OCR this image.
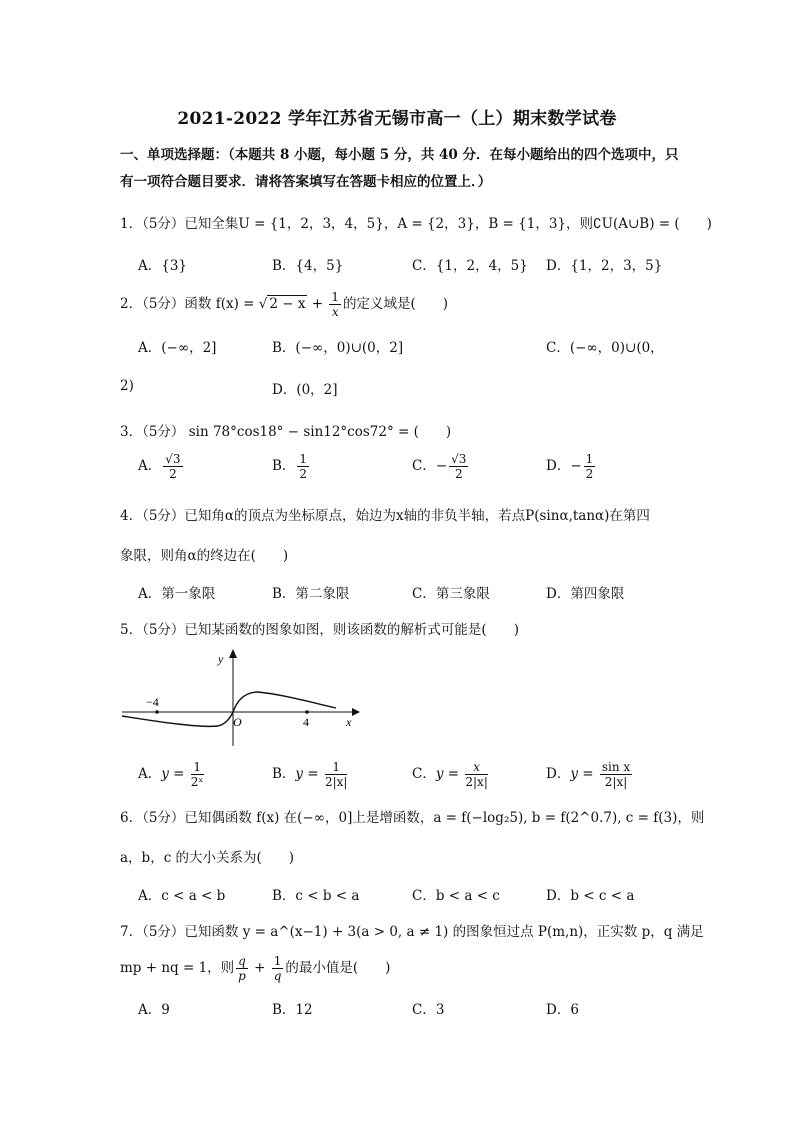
2021-2022 学年江苏省无锡市高一（上）期末数学试卷
一、单项选择题：（本题共 8 小题，每小题 5 分，共 40 分．在每小题给出的四个选项中，只有一项符合题目要求．请将答案填写在答题卡相应的位置上．）
1．（5分）已知全集U = {1，2，3，4，5}，A = {2，3}，B = {1，3}，则∁U(A∪B) = (　　)
A．{3}	B．{4，5}	C．{1，2，4，5} D．{1，2，3，5}
2．（5分）函数 f(x) = √ $2 - x + \frac{1}{x}$ 的定义域是(　　)
A．(−∞，2]	B．(−∞，0)∪(0，2]	C．(−∞，0)∪(0，
2)	D．(0，2]
3．（5分） sin 78°cos18° − sin12°cos72° = (　　)
A． $\frac{√3}{2}$	B． $\frac{1}{2}$	C．− $\frac{√3}{2}$	D．− $\frac{1}{2}$
4．（5分）已知角α的顶点为坐标原点，始边为x轴的非负半轴，若点P(sinα,tanα)在第四
象限，则角α的终边在(　　)
A．第一象限	B．第二象限	C．第三象限	D．第四象限
5．（5分）已知某函数的图象如图，则该函数的解析式可能是(　　)
y
x
O
−4
4
A．$y = \frac{1}{\text{2ˣ}}$	B．$y = \frac{1}{2|x|}$	C．$y = \frac{x}{2|x|}$	D．$y = \frac{\text{sin x}}{2|x|}$
6．（5分）已知偶函数 f(x) 在(−∞，0]上是增函数，a = f(−log₂5), b = f(2^0.7), c = f(3)，则
a，b，c 的大小关系为(　　)
A．c < a < b	B．c < b < a	C．b < a < c	D．b < c < a
7．（5分）已知函数 y = a^(x−1) + 3(a > 0, a ≠ 1) 的图象恒过点 P(m,n)，正实数 p，q 满足
mp + nq = 1，则 $\frac{q}{p} + \frac{1}{q}$ 的最小值是(　　)
A．9	B．12	C．3	D．6
